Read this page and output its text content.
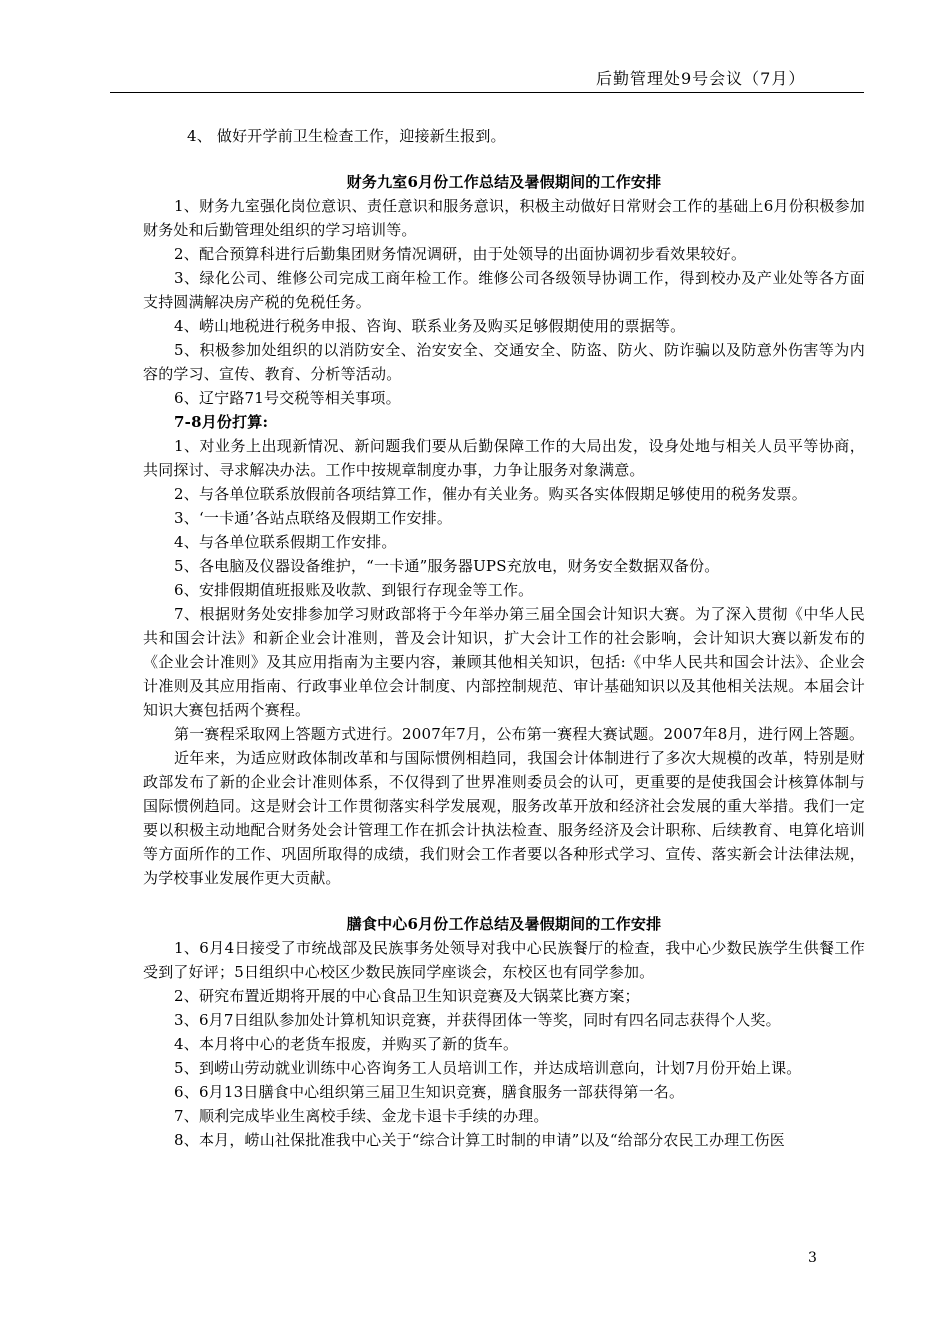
后勤管理处9号会议（7月）

4、 做好开学前卫生检查工作，迎接新生报到。

财务九室6月份工作总结及暑假期间的工作安排

1、财务九室强化岗位意识、责任意识和服务意识，积极主动做好日常财会工作的基础上6月份积极参加财务处和后勤管理处组织的学习培训等。

2、配合预算科进行后勤集团财务情况调研，由于处领导的出面协调初步看效果较好。

3、绿化公司、维修公司完成工商年检工作。维修公司各级领导协调工作，得到校办及产业处等各方面支持圆满解决房产税的免税任务。

4、崂山地税进行税务申报、咨询、联系业务及购买足够假期使用的票据等。

5、积极参加处组织的以消防安全、治安安全、交通安全、防盗、防火、防诈骗以及防意外伤害等为内容的学习、宣传、教育、分析等活动。

6、辽宁路71号交税等相关事项。

7-8月份打算:

1、对业务上出现新情况、新问题我们要从后勤保障工作的大局出发，设身处地与相关人员平等协商，共同探讨、寻求解决办法。工作中按规章制度办事，力争让服务对象满意。

2、与各单位联系放假前各项结算工作，催办有关业务。购买各实体假期足够使用的税务发票。

3、‘一卡通’各站点联络及假期工作安排。

4、与各单位联系假期工作安排。

5、各电脑及仪器设备维护，“一卡通”服务器UPS充放电，财务安全数据双备份。

6、安排假期值班报账及收款、到银行存现金等工作。

7、根据财务处安排参加学习财政部将于今年举办第三届全国会计知识大赛。为了深入贯彻《中华人民共和国会计法》和新企业会计准则，普及会计知识，扩大会计工作的社会影响，会计知识大赛以新发布的《企业会计准则》及其应用指南为主要内容，兼顾其他相关知识，包括:《中华人民共和国会计法》、企业会计准则及其应用指南、行政事业单位会计制度、内部控制规范、审计基础知识以及其他相关法规。本届会计知识大赛包括两个赛程。

第一赛程采取网上答题方式进行。2007年7月，公布第一赛程大赛试题。2007年8月，进行网上答题。

近年来，为适应财政体制改革和与国际惯例相趋同，我国会计体制进行了多次大规模的改革，特别是财政部发布了新的企业会计准则体系，不仅得到了世界准则委员会的认可，更重要的是使我国会计核算体制与国际惯例趋同。这是财会计工作贯彻落实科学发展观，服务改革开放和经济社会发展的重大举措。我们一定要以积极主动地配合财务处会计管理工作在抓会计执法检查、服务经济及会计职称、后续教育、电算化培训等方面所作的工作、巩固所取得的成绩，我们财会工作者要以各种形式学习、宣传、落实新会计法律法规，为学校事业发展作更大贡献。

膳食中心6月份工作总结及暑假期间的工作安排

1、6月4日接受了市统战部及民族事务处领导对我中心民族餐厅的检查，我中心少数民族学生供餐工作受到了好评；5日组织中心校区少数民族同学座谈会，东校区也有同学参加。

2、研究布置近期将开展的中心食品卫生知识竞赛及大锅菜比赛方案；

3、6月7日组队参加处计算机知识竞赛，并获得团体一等奖，同时有四名同志获得个人奖。

4、本月将中心的老货车报废，并购买了新的货车。

5、到崂山劳动就业训练中心咨询务工人员培训工作，并达成培训意向，计划7月份开始上课。

6、6月13日膳食中心组织第三届卫生知识竞赛，膳食服务一部获得第一名。

7、顺利完成毕业生离校手续、金龙卡退卡手续的办理。

8、本月，崂山社保批准我中心关于“综合计算工时制的申请”以及“给部分农民工办理工伤医

3
